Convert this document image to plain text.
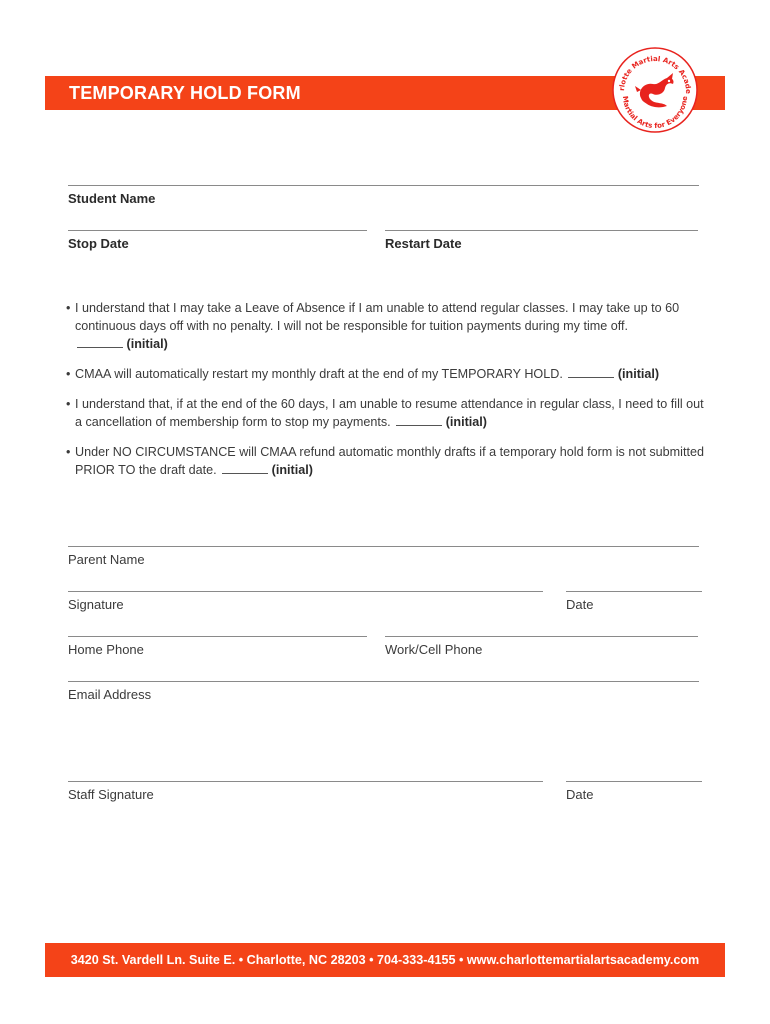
TEMPORARY HOLD FORM	rlotte Martial Arts Acade
Martial Arts for Everyone
Student Name
Stop Date	Restart Date
• I understand that I may take a Leave of Absence if I am unable to attend regular classes. I may take up to 60 continuous days off with no penalty. I will not be responsible for tuition payments during my time off.
(initial)
• CMAA will automatically restart my monthly draft at the end of my TEMPORARY HOLD.	(initial)
• I understand that, if at the end of the 60 days, I am unable to resume attendance in regular class, I need to fill out a cancellation of membership form to stop my payments.	(initial)
• Under NO CIRCUMSTANCE will CMAA refund automatic monthly drafts if a temporary hold form is not submitted PRIOR TO the draft date.	(initial)
Parent Name
Signature	Date
Home Phone	Work/Cell Phone
Email Address
Staff Signature	Date
3420 St. Vardell Ln. Suite E. • Charlotte, NC 28203 • 704-333-4155 • www.charlottemartialartsacademy.com
